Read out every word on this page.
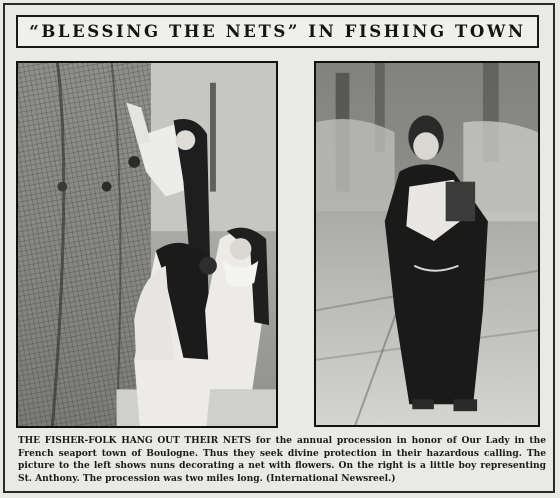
“BLESSING THE NETS” IN FISHING TOWN
THE FISHER-FOLK HANG OUT THEIR NETS for the annual procession in honor of Our Lady in the French seaport town of Boulogne. Thus they seek divine protection in their hazardous calling. The picture to the left shows nuns decorating a net with flowers. On the right is a little boy representing St. Anthony. The procession was two miles long. (International Newsreel.)
